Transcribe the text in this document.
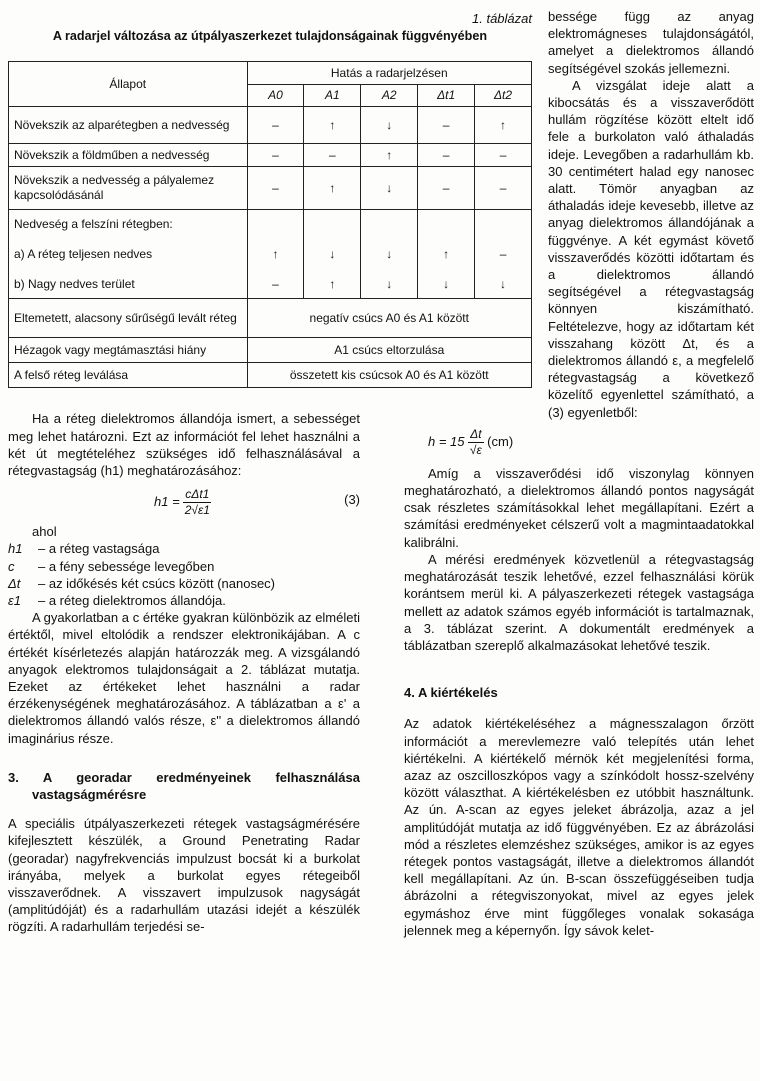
1. táblázat
A radarjel változása az útpályaszerkezet tulajdonságainak függvényében
Állapot	Hatás a radarjelzésen				
	A0	A1	A2	Δt1	Δt2
Növekszik az alparétegben a nedvesség	–	↑	↓	–	↑
Növekszik a földműben a nedvesség	–	–	↑	–	–
Növekszik a nedvesség a pályalemez kapcsolódásánál	–	↑	↓	–	–
Nedveség a felszíni rétegben:					
a) A réteg teljesen nedves	↑	↓	↓	↑	–
b) Nagy nedves terület	–	↑	↓	↓	↓
Eltemetett, alacsony sűrűségű levált réteg	negatív csúcs A0 és A1 között				
Hézagok vagy megtámasztási hiány	A1 csúcs eltorzulása				
A felső réteg leválása	összetett kis csúcsok A0 és A1 között				

Ha a réteg dielektromos állandója ismert, a sebességet meg lehet határozni. Ezt az információt fel lehet használni a két út megtételéhez szükséges idő felhasználásával a rétegvastagság (h1) meghatározásához:

$h1 = \frac{\text{cΔt1}}{2√\varepsilon 1}$	(3)

ahol

h1	– a réteg vastagsága
c	– a fény sebessége levegőben
Δt	– az időkésés két csúcs között (nanosec)
ε1	– a réteg dielektromos állandója.

A gyakorlatban a c értéke gyakran különbözik az elméleti értéktől, mivel eltolódik a rendszer elektronikájában. A c értékét kísérletezés alapján határozzák meg. A vizsgálandó anyagok elektromos tulajdonságait a 2. táblázat mutatja. Ezeket az értékeket lehet használni a radar érzékenységének meghatározásához. A táblázatban a ε' a dielektromos állandó valós része, ε'' a dielektromos állandó imaginárius része.

3. A georadar eredményeinek felhasználása vastagságmérésre

A speciális útpályaszerkezeti rétegek vastagságmérésére kifejlesztett készülék, a Ground Penetrating Radar (georadar) nagyfrekvenciás impulzust bocsát ki a burkolat irányába, melyek a burkolat egyes rétegeiből visszaverődnek. A visszavert impulzusok nagyságát (amplitúdóját) és a radarhullám utazási idejét a készülék rögzíti. A radarhullám terjedési se-

bessége függ az anyag elektromágneses tulajdonságától, amelyet a dielektromos állandó segítségével szokás jellemezni.

A vizsgálat ideje alatt a kibocsátás és a visszaverődött hullám rögzítése között eltelt idő fele a burkolaton való áthaladás ideje. Levegőben a radarhullám kb. 30 centimétert halad egy nanosec alatt. Tömör anyagban az áthaladás ideje kevesebb, illetve az anyag dielektromos állandójának a függvénye. A két egymást követő visszaverődés közötti időtartam és a dielektromos állandó segítségével a rétegvastagság könnyen kiszámítható. Feltételezve, hogy az időtartam két visszahang között Δt, és a dielektromos állandó ε, a megfelelő rétegvastagság a következő közelítő egyenlettel számítható, a (3) egyenletből:

$h = 15 \frac{\Delta t}{√\varepsilon} (cm)$

Amíg a visszaverődési idő viszonylag könnyen meghatározható, a dielektromos állandó pontos nagyságát csak részletes számításokkal lehet megállapítani. Ezért a számítási eredményeket célszerű volt a magmintaadatokkal kalibrálni.

A mérési eredmények közvetlenül a rétegvastagság meghatározását teszik lehetővé, ezzel felhasználási körük korántsem merül ki. A pályaszerkezeti rétegek vastagsága mellett az adatok számos egyéb információt is tartalmaznak, a 3. táblázat szerint. A dokumentált eredmények a táblázatban szereplő alkalmazásokat lehetővé teszik.

4. A kiértékelés

Az adatok kiértékeléséhez a mágnesszalagon őrzött információt a merevlemezre való telepítés után lehet kiértékelni. A kiértékelő mérnök két megjelenítési forma, azaz az oszcilloszkópos vagy a színkódolt hossz-szelvény között választhat. A kiértékelésben ez utóbbit használtunk. Az ún. A-scan az egyes jeleket ábrázolja, azaz a jel amplitúdóját mutatja az idő függvényében. Ez az ábrázolási mód a részletes elemzéshez szükséges, amikor is az egyes rétegek pontos vastagságát, illetve a dielektromos állandót kell megállapítani. Az ún. B-scan összefüggéseiben tudja ábrázolni a rétegviszonyokat, mivel az egyes jelek egymáshoz érve mint függőleges vonalak sokasága jelennek meg a képernyőn. Így sávok kelet-
